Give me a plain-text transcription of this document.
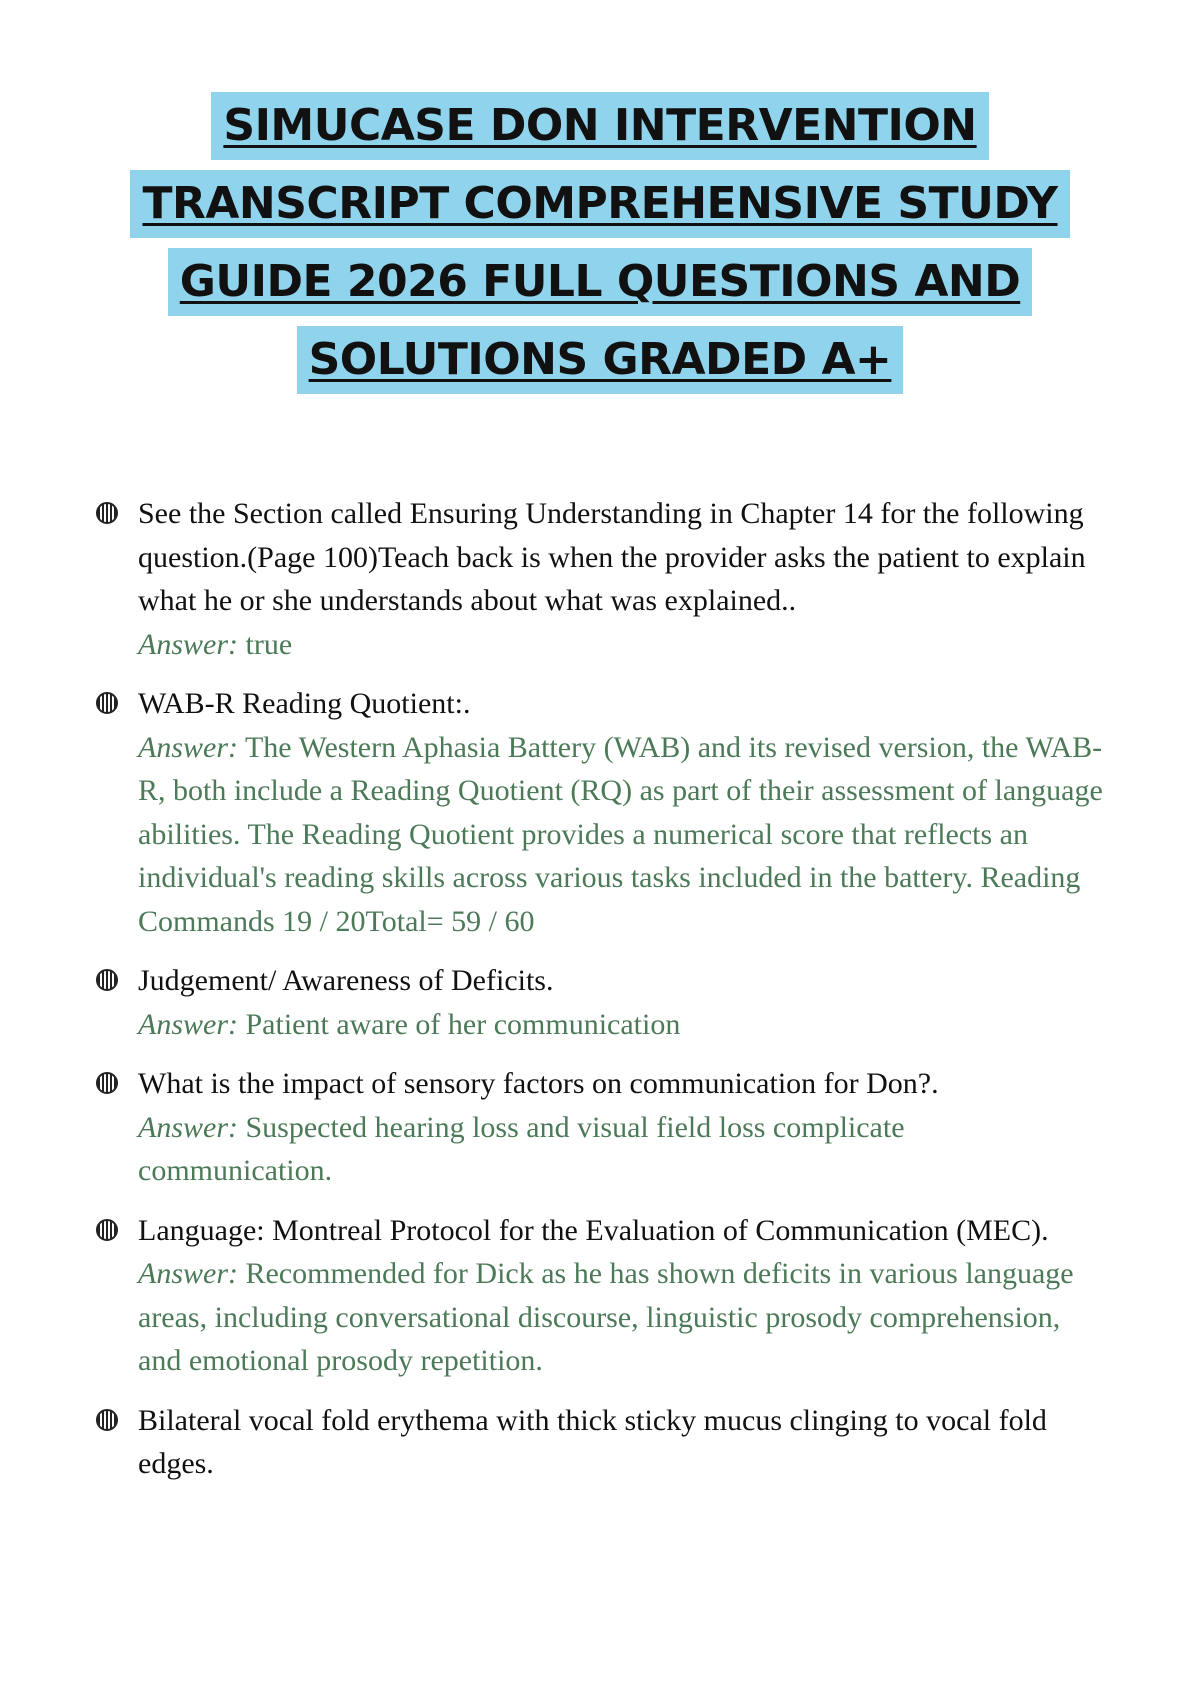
SIMUCASE DON INTERVENTION
TRANSCRIPT COMPREHENSIVE STUDY
GUIDE 2026 FULL QUESTIONS AND
SOLUTIONS GRADED A+
See the Section called Ensuring Understanding in Chapter 14 for the following question.(Page 100)Teach back is when the provider asks the patient to explain what he or she understands about what was explained..
Answer: true
WAB-R Reading Quotient:.
Answer: The Western Aphasia Battery (WAB) and its revised version, the WAB-R, both include a Reading Quotient (RQ) as part of their assessment of language abilities. The Reading Quotient provides a numerical score that reflects an individual's reading skills across various tasks included in the battery. Reading Commands 19 / 20Total= 59 / 60
Judgement/ Awareness of Deficits.
Answer: Patient aware of her communication
What is the impact of sensory factors on communication for Don?.
Answer: Suspected hearing loss and visual field loss complicate communication.
Language: Montreal Protocol for the Evaluation of Communication (MEC).
Answer: Recommended for Dick as he has shown deficits in various language areas, including conversational discourse, linguistic prosody comprehension, and emotional prosody repetition.
Bilateral vocal fold erythema with thick sticky mucus clinging to vocal fold edges.
